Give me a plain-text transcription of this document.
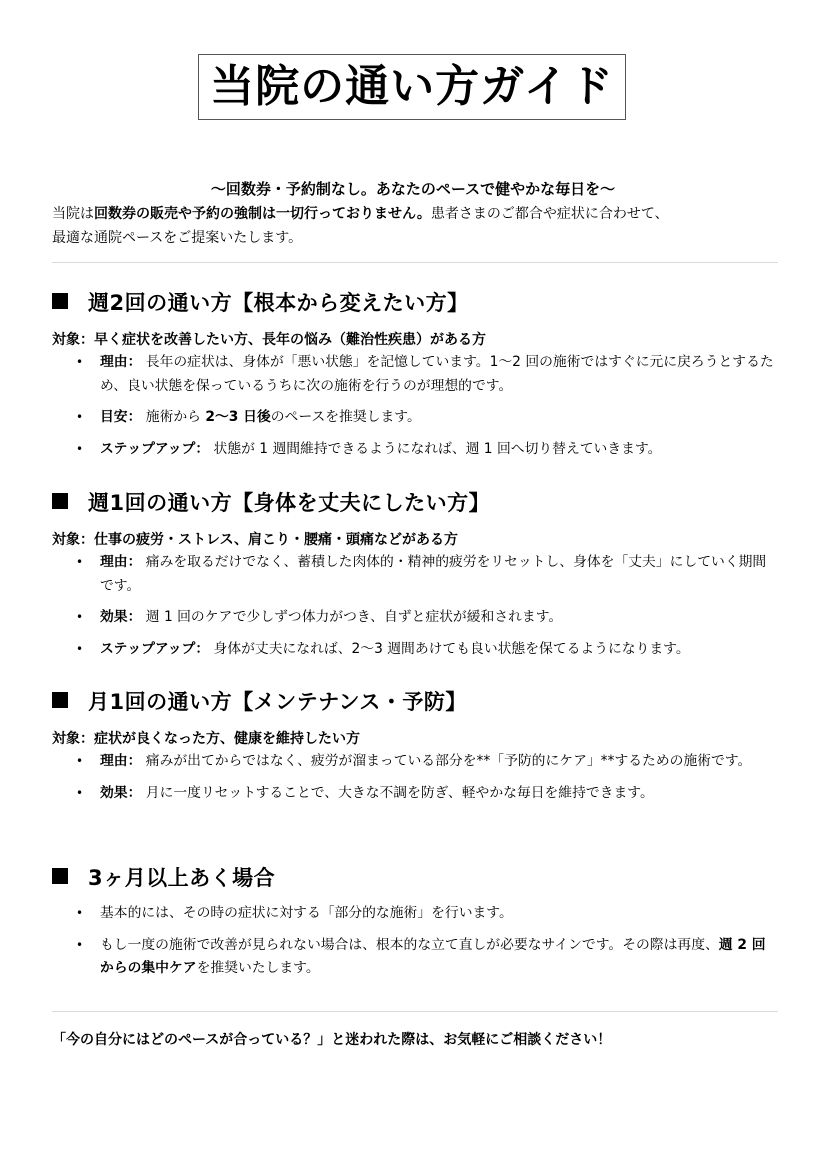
当院の通い方ガイド
～回数券・予約制なし。あなたのペースで健やかな毎日を～
当院は回数券の販売や予約の強制は一切行っておりません。患者さまのご都合や症状に合わせて、
最適な通院ペースをご提案いたします。
週2回の通い方【根本から変えたい方】
対象：早く症状を改善したい方、長年の悩み（難治性疾患）がある方
• 理由： 長年の症状は、身体が「悪い状態」を記憶しています。1～2 回の施術ではすぐに元に戻ろうとするため、良い状態を保っているうちに次の施術を行うのが理想的です。
• 目安： 施術から 2～3 日後のペースを推奨します。
• ステップアップ： 状態が 1 週間維持できるようになれば、週 1 回へ切り替えていきます。
週1回の通い方【身体を丈夫にしたい方】
対象：仕事の疲労・ストレス、肩こり・腰痛・頭痛などがある方
• 理由： 痛みを取るだけでなく、蓄積した肉体的・精神的疲労をリセットし、身体を「丈夫」にしていく期間です。
• 効果： 週 1 回のケアで少しずつ体力がつき、自ずと症状が緩和されます。
• ステップアップ： 身体が丈夫になれば、2～3 週間あけても良い状態を保てるようになります。
月1回の通い方【メンテナンス・予防】
対象：症状が良くなった方、健康を維持したい方
• 理由： 痛みが出てからではなく、疲労が溜まっている部分を**「予防的にケア」**するための施術です。
• 効果： 月に一度リセットすることで、大きな不調を防ぎ、軽やかな毎日を維持できます。
3ヶ月以上あく場合
• 基本的には、その時の症状に対する「部分的な施術」を行います。
• もし一度の施術で改善が見られない場合は、根本的な立て直しが必要なサインです。その際は再度、週 2 回からの集中ケアを推奨いたします。
「今の自分にはどのペースが合っている？」と迷われた際は、お気軽にご相談ください！
